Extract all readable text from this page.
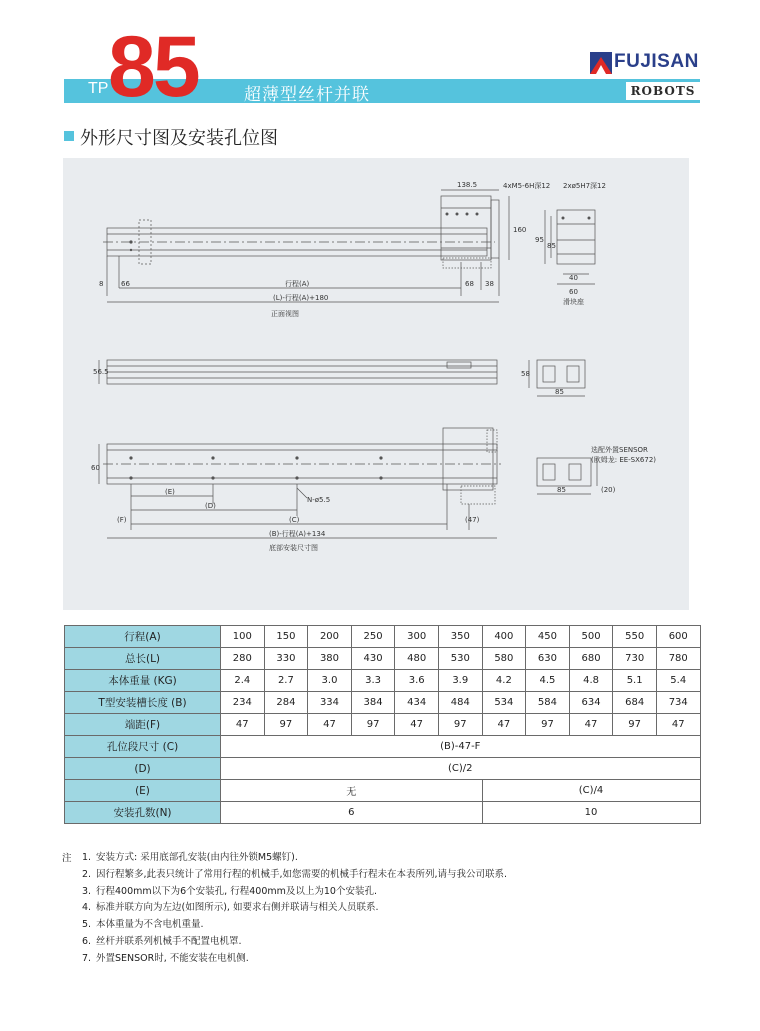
TP 85	超薄型丝杆并联
FUJISAN
ROBOTS
外形尺寸图及安装孔位图
138.5	4xM5-6H深12 2xø5H7深12
160
95
85
40
60
滑块座
8	66	行程(A)	68 38
(L)-行程(A)+180
正面视图
56.5	58
85
60
选配外置SENSOR
(欧姆龙: EE-SX672)
(20)
85
(E)
N-ø5.5
(D)
(F)	(C)	(47)
(B)-行程(A)+134
底部安装尺寸图
行程(A)	100	150	200	250	300	350	400	450	500	550	600
总长(L)	280	330	380	430	480	530	580	630	680	730	780
本体重量 (KG)	2.4	2.7	3.0	3.3	3.6	3.9	4.2	4.5	4.8	5.1	5.4
T型安装槽长度 (B)	234	284	334	384	434	484	534	584	634	684	734
端距(F)	47	97	47	97	47	97	47	97	47	97	47
孔位段尺寸 (C)	(B)-47-F										
(D)	(C)/2										
(E)	无						(C)/4				
安装孔数(N)	6						10				
注 1. 安装方式: 采用底部孔安装(由内往外锁M5螺钉).
2. 因行程繁多,此表只统计了常用行程的机械手,如您需要的机械手行程未在本表所列,请与我公司联系.
3. 行程400mm以下为6个安装孔, 行程400mm及以上为10个安装孔.
4. 标准并联方向为左边(如图所示), 如要求右侧并联请与相关人员联系.
5. 本体重量为不含电机重量.
6. 丝杆并联系列机械手不配置电机罩.
7. 外置SENSOR时, 不能安装在电机侧.
